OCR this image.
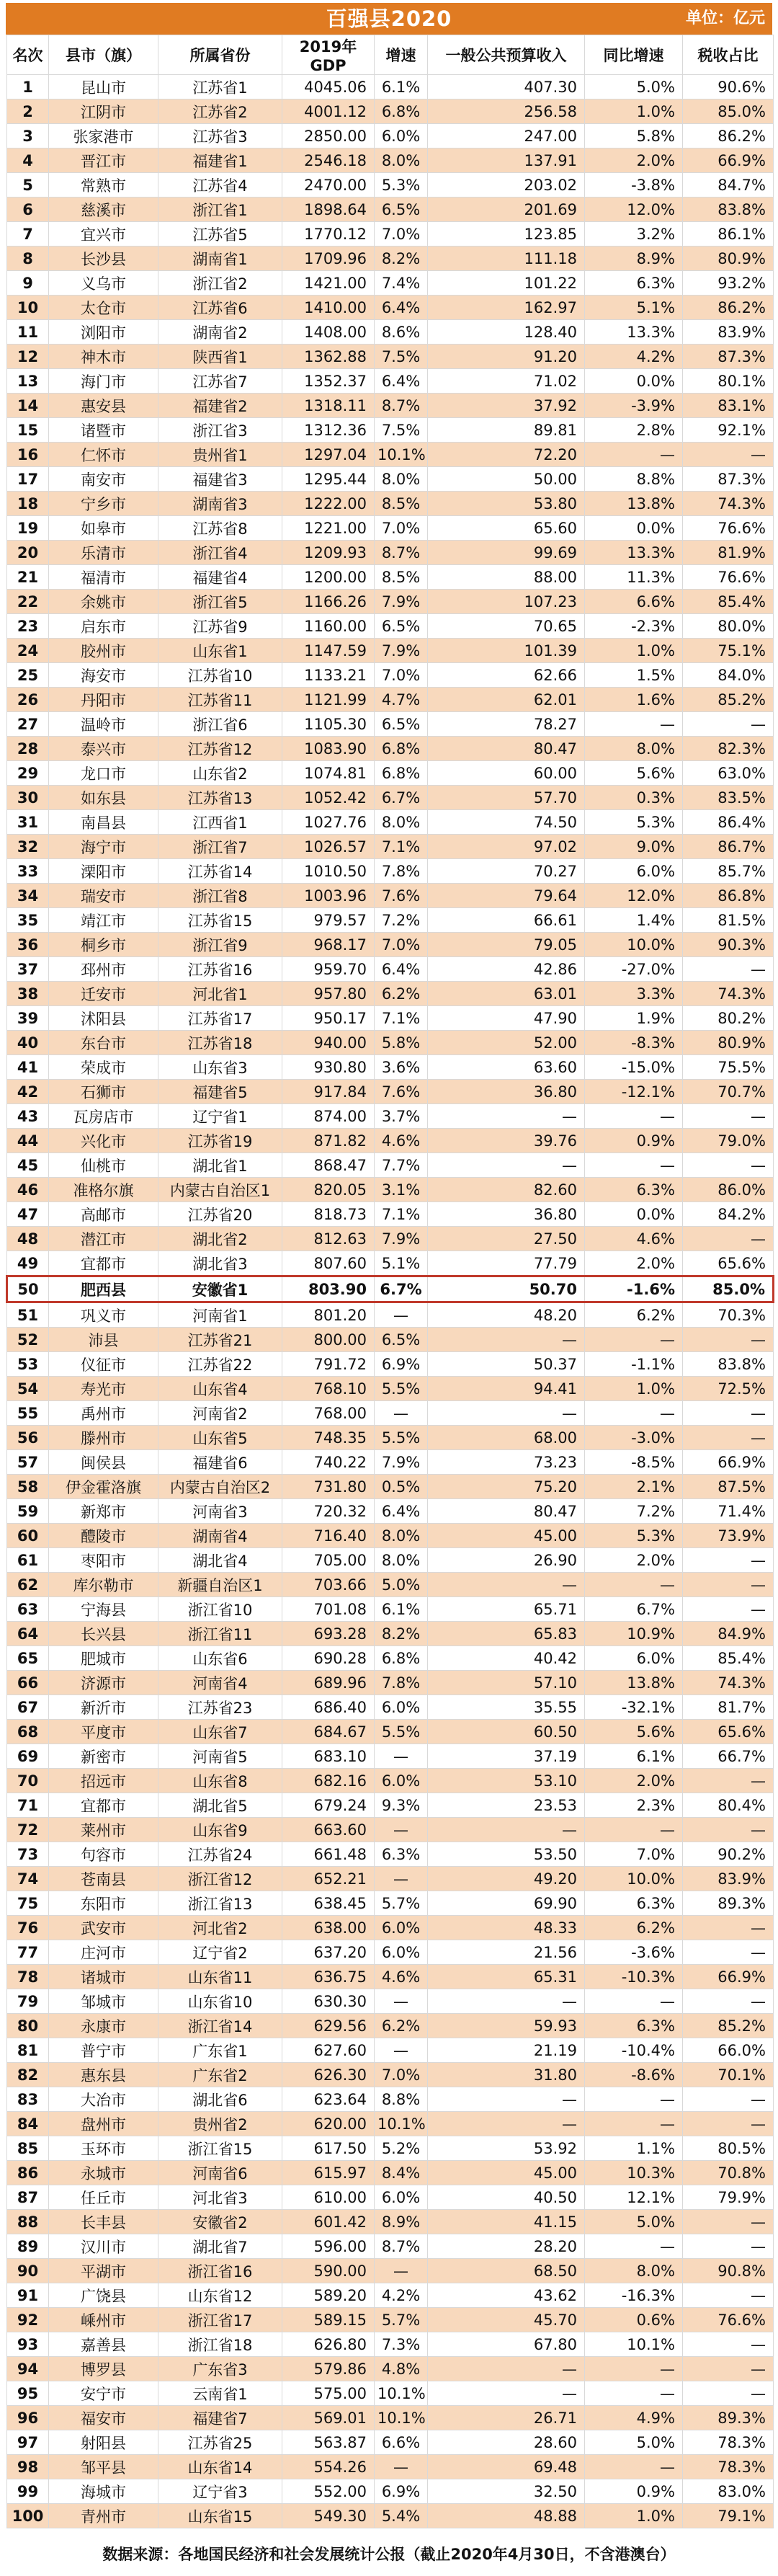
百强县2020	单位：亿元
名次	县市（旗）	所属省份	2019年GDP	增速	一般公共预算收入	同比增速	税收占比
1	昆山市	江苏省1	4045.06	6.1%	407.30	5.0%	90.6%
2	江阴市	江苏省2	4001.12	6.8%	256.58	1.0%	85.0%
3	张家港市	江苏省3	2850.00	6.0%	247.00	5.8%	86.2%
4	晋江市	福建省1	2546.18	8.0%	137.91	2.0%	66.9%
5	常熟市	江苏省4	2470.00	5.3%	203.02	-3.8%	84.7%
6	慈溪市	浙江省1	1898.64	6.5%	201.69	12.0%	83.8%
7	宜兴市	江苏省5	1770.12	7.0%	123.85	3.2%	86.1%
8	长沙县	湖南省1	1709.96	8.2%	111.18	8.9%	80.9%
9	义乌市	浙江省2	1421.00	7.4%	101.22	6.3%	93.2%
10	太仓市	江苏省6	1410.00	6.4%	162.97	5.1%	86.2%
11	浏阳市	湖南省2	1408.00	8.6%	128.40	13.3%	83.9%
12	神木市	陕西省1	1362.88	7.5%	91.20	4.2%	87.3%
13	海门市	江苏省7	1352.37	6.4%	71.02	0.0%	80.1%
14	惠安县	福建省2	1318.11	8.7%	37.92	-3.9%	83.1%
15	诸暨市	浙江省3	1312.36	7.5%	89.81	2.8%	92.1%
16	仁怀市	贵州省1	1297.04	10.1%	72.20	—	—
17	南安市	福建省3	1295.44	8.0%	50.00	8.8%	87.3%
18	宁乡市	湖南省3	1222.00	8.5%	53.80	13.8%	74.3%
19	如皋市	江苏省8	1221.00	7.0%	65.60	0.0%	76.6%
20	乐清市	浙江省4	1209.93	8.7%	99.69	13.3%	81.9%
21	福清市	福建省4	1200.00	8.5%	88.00	11.3%	76.6%
22	余姚市	浙江省5	1166.26	7.9%	107.23	6.6%	85.4%
23	启东市	江苏省9	1160.00	6.5%	70.65	-2.3%	80.0%
24	胶州市	山东省1	1147.59	7.9%	101.39	1.0%	75.1%
25	海安市	江苏省10	1133.21	7.0%	62.66	1.5%	84.0%
26	丹阳市	江苏省11	1121.99	4.7%	62.01	1.6%	85.2%
27	温岭市	浙江省6	1105.30	6.5%	78.27	—	—
28	泰兴市	江苏省12	1083.90	6.8%	80.47	8.0%	82.3%
29	龙口市	山东省2	1074.81	6.8%	60.00	5.6%	63.0%
30	如东县	江苏省13	1052.42	6.7%	57.70	0.3%	83.5%
31	南昌县	江西省1	1027.76	8.0%	74.50	5.3%	86.4%
32	海宁市	浙江省7	1026.57	7.1%	97.02	9.0%	86.7%
33	溧阳市	江苏省14	1010.50	7.8%	70.27	6.0%	85.7%
34	瑞安市	浙江省8	1003.96	7.6%	79.64	12.0%	86.8%
35	靖江市	江苏省15	979.57	7.2%	66.61	1.4%	81.5%
36	桐乡市	浙江省9	968.17	7.0%	79.05	10.0%	90.3%
37	邳州市	江苏省16	959.70	6.4%	42.86	-27.0%	—
38	迁安市	河北省1	957.80	6.2%	63.01	3.3%	74.3%
39	沭阳县	江苏省17	950.17	7.1%	47.90	1.9%	80.2%
40	东台市	江苏省18	940.00	5.8%	52.00	-8.3%	80.9%
41	荣成市	山东省3	930.80	3.6%	63.60	-15.0%	75.5%
42	石狮市	福建省5	917.84	7.6%	36.80	-12.1%	70.7%
43	瓦房店市	辽宁省1	874.00	3.7%	—	—	—
44	兴化市	江苏省19	871.82	4.6%	39.76	0.9%	79.0%
45	仙桃市	湖北省1	868.47	7.7%	—	—	—
46	准格尔旗	内蒙古自治区1	820.05	3.1%	82.60	6.3%	86.0%
47	高邮市	江苏省20	818.73	7.1%	36.80	0.0%	84.2%
48	潜江市	湖北省2	812.63	7.9%	27.50	4.6%	—
49	宜都市	湖北省3	807.60	5.1%	77.79	2.0%	65.6%
50	肥西县	安徽省1	803.90	6.7%	50.70	-1.6%	85.0%
51	巩义市	河南省1	801.20	—	48.20	6.2%	70.3%
52	沛县	江苏省21	800.00	6.5%	—	—	—
53	仪征市	江苏省22	791.72	6.9%	50.37	-1.1%	83.8%
54	寿光市	山东省4	768.10	5.5%	94.41	1.0%	72.5%
55	禹州市	河南省2	768.00	—	—	—	—
56	滕州市	山东省5	748.35	5.5%	68.00	-3.0%	—
57	闽侯县	福建省6	740.22	7.9%	73.23	-8.5%	66.9%
58	伊金霍洛旗	内蒙古自治区2	731.80	0.5%	75.20	2.1%	87.5%
59	新郑市	河南省3	720.32	6.4%	80.47	7.2%	71.4%
60	醴陵市	湖南省4	716.40	8.0%	45.00	5.3%	73.9%
61	枣阳市	湖北省4	705.00	8.0%	26.90	2.0%	—
62	库尔勒市	新疆自治区1	703.66	5.0%	—	—	—
63	宁海县	浙江省10	701.08	6.1%	65.71	6.7%	—
64	长兴县	浙江省11	693.28	8.2%	65.83	10.9%	84.9%
65	肥城市	山东省6	690.28	6.8%	40.42	6.0%	85.4%
66	济源市	河南省4	689.96	7.8%	57.10	13.8%	74.3%
67	新沂市	江苏省23	686.40	6.0%	35.55	-32.1%	81.7%
68	平度市	山东省7	684.67	5.5%	60.50	5.6%	65.6%
69	新密市	河南省5	683.10	—	37.19	6.1%	66.7%
70	招远市	山东省8	682.16	6.0%	53.10	2.0%	—
71	宜都市	湖北省5	679.24	9.3%	23.53	2.3%	80.4%
72	莱州市	山东省9	663.60	—	—	—	—
73	句容市	江苏省24	661.48	6.3%	53.50	7.0%	90.2%
74	苍南县	浙江省12	652.21	—	49.20	10.0%	83.9%
75	东阳市	浙江省13	638.45	5.7%	69.90	6.3%	89.3%
76	武安市	河北省2	638.00	6.0%	48.33	6.2%	—
77	庄河市	辽宁省2	637.20	6.0%	21.56	-3.6%	—
78	诸城市	山东省11	636.75	4.6%	65.31	-10.3%	66.9%
79	邹城市	山东省10	630.30	—	—	—	—
80	永康市	浙江省14	629.56	6.2%	59.93	6.3%	85.2%
81	普宁市	广东省1	627.60	—	21.19	-10.4%	66.0%
82	惠东县	广东省2	626.30	7.0%	31.80	-8.6%	70.1%
83	大冶市	湖北省6	623.64	8.8%	—	—	—
84	盘州市	贵州省2	620.00	10.1%	—	—	—
85	玉环市	浙江省15	617.50	5.2%	53.92	1.1%	80.5%
86	永城市	河南省6	615.97	8.4%	45.00	10.3%	70.8%
87	任丘市	河北省3	610.00	6.0%	40.50	12.1%	79.9%
88	长丰县	安徽省2	601.42	8.9%	41.15	5.0%	—
89	汉川市	湖北省7	596.00	8.7%	28.20	—	—
90	平湖市	浙江省16	590.00	—	68.50	8.0%	90.8%
91	广饶县	山东省12	589.20	4.2%	43.62	-16.3%	—
92	嵊州市	浙江省17	589.15	5.7%	45.70	0.6%	76.6%
93	嘉善县	浙江省18	626.80	7.3%	67.80	10.1%	—
94	博罗县	广东省3	579.86	4.8%	—	—	—
95	安宁市	云南省1	575.00	10.1%	—	—	—
96	福安市	福建省7	569.01	10.1%	26.71	4.9%	89.3%
97	射阳县	江苏省25	563.87	6.6%	28.60	5.0%	78.3%
98	邹平县	山东省14	554.26	—	69.48	—	78.3%
99	海城市	辽宁省3	552.00	6.9%	32.50	0.9%	83.0%
100	青州市	山东省15	549.30	5.4%	48.88	1.0%	79.1%
数据来源：各地国民经济和社会发展统计公报（截止2020年4月30日，不含港澳台）
